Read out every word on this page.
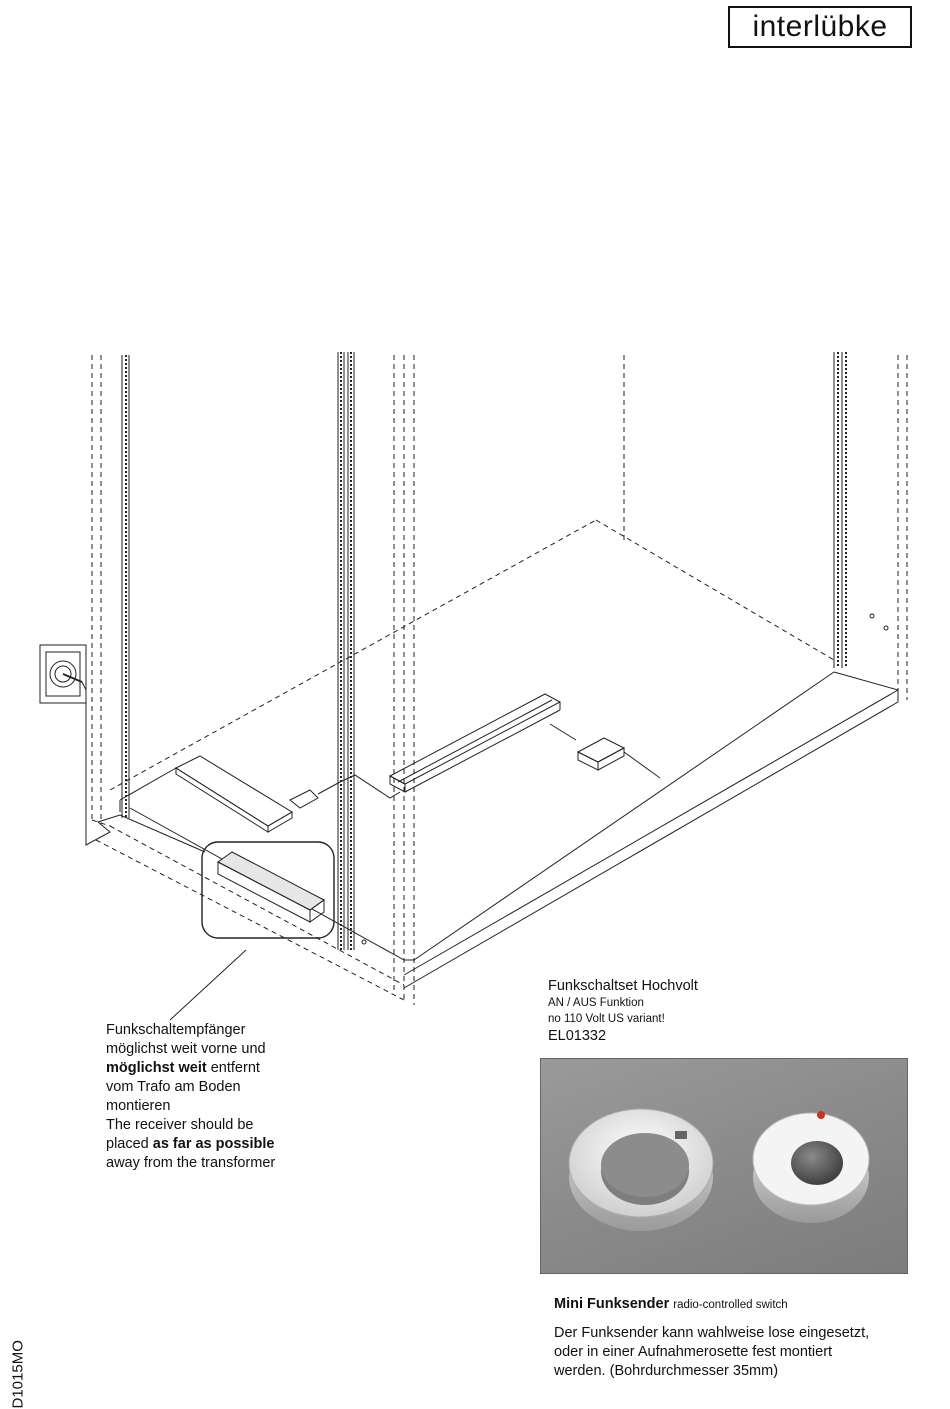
interlübke
Funkschaltempfänger
möglichst weit vorne und
möglichst weit entfernt
vom Trafo am Boden
montieren
The receiver should be
placed as far as possible
away from the transformer
Funkschaltset Hochvolt
AN / AUS Funktion
no 110 Volt US variant!
EL01332
Mini Funksender radio-controlled switch
Der Funksender kann wahlweise lose eingesetzt,
oder in einer Aufnahmerosette fest montiert
werden. (Bohrdurchmesser 35mm)
D1015MO
